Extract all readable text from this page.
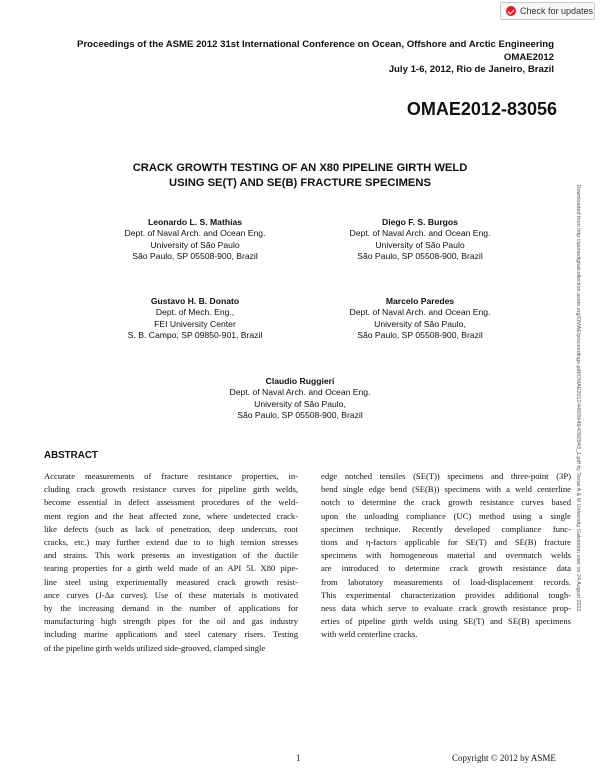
Check for updates
Proceedings of the ASME 2012 31st International Conference on Ocean, Offshore and Arctic Engineering
OMAE2012
July 1-6, 2012, Rio de Janeiro, Brazil
OMAE2012-83056
CRACK GROWTH TESTING OF AN X80 PIPELINE GIRTH WELD
USING SE(T) AND SE(B) FRACTURE SPECIMENS
Leonardo L. S. Mathias
Dept. of Naval Arch. and Ocean Eng.
University of São Paulo
São Paulo, SP 05508-900, Brazil
Diego F. S. Burgos
Dept. of Naval Arch. and Ocean Eng.
University of São Paulo
São Paulo, SP 05508-900, Brazil
Gustavo H. B. Donato
Dept. of Mech. Eng.,
FEI University Center
S. B. Campo, SP 09850-901, Brazil
Marcelo Paredes
Dept. of Naval Arch. and Ocean Eng.
University of São Paulo,
São Paulo, SP 05508-900, Brazil
Claudio Ruggieri
Dept. of Naval Arch. and Ocean Eng.
University of São Paulo,
São Paulo, SP 05508-900, Brazil
ABSTRACT
Accurate measurements of fracture resistance properties, in-
cluding crack growth resistance curves for pipeline girth welds,
become essential in defect assessment procedures of the weld-
ment region and the heat affected zone, where undetected crack-
like defects (such as lack of penetration, deep undercuts, root
cracks, etc.) may further extend due to to high tension stresses
and strains. This work presents an investigation of the ductile
tearing properties for a girth weld made of an API 5L X80 pipe-
line steel using experimentally measured crack growth resist-
ance curves (J-Δa curves). Use of these materials is motivated
by the increasing demand in the number of applications for
manufacturing high strength pipes for the oil and gas industry
including marine applications and steel catenary risers. Testing
of the pipeline girth welds utilized side-grooved, clamped single
edge notched tensiles (SE(T)) specimens and three-point (3P)
bend single edge bend (SE(B)) specimens with a weld centerline
notch to determine the crack growth resistance curves based
upon the unloading compliance (UC) method using a single
specimen technique. Recently developed compliance func-
tions and η-factors applicable for SE(T) and SE(B) fracture
specimens with homogeneous material and overmatch welds
are introduced to determine crack growth resistance data
from laboratory measurements of load-displacement records.
This experimental characterization provides additional tough-
ness data which serve to evaluate crack growth resistance prop-
erties of pipeline girth welds using SE(T) and SE(B) specimens
with weld centerline cracks.
Downloaded from http://asmedigitalcollection.asme.org/OMAE/proceedings-pdf/OMAE2012/44939/49/4392843_1.pdf by Texas A & M University Galveston user on 24 August 2022
1	Copyright © 2012 by ASME
